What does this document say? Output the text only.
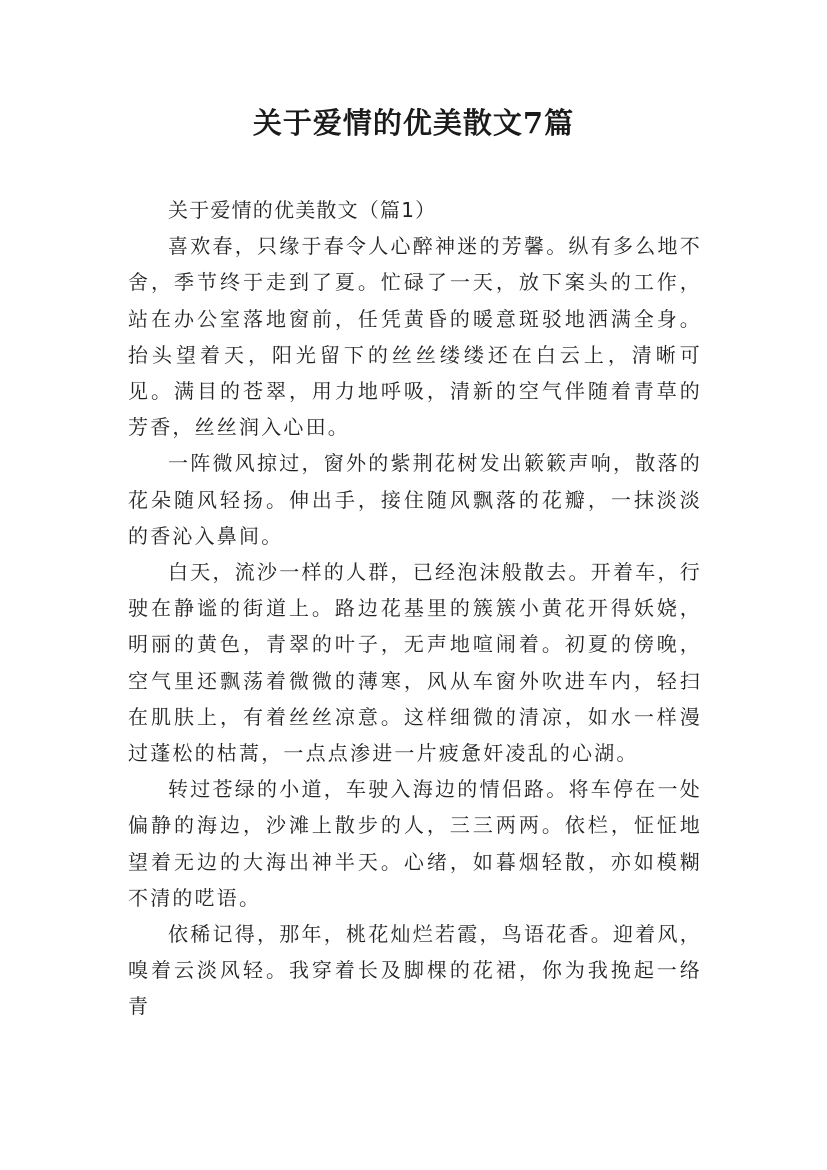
关于爱情的优美散文7篇

关于爱情的优美散文（篇1）

喜欢春，只缘于春令人心醉神迷的芳馨。纵有多么地不舍，季节终于走到了夏。忙碌了一天，放下案头的工作，站在办公室落地窗前，任凭黄昏的暖意斑驳地洒满全身。抬头望着天，阳光留下的丝丝缕缕还在白云上，清晰可见。满目的苍翠，用力地呼吸，清新的空气伴随着青草的芳香，丝丝润入心田。

一阵微风掠过，窗外的紫荆花树发出簌簌声响，散落的花朵随风轻扬。伸出手，接住随风飘落的花瓣，一抹淡淡的香沁入鼻间。

白天，流沙一样的人群，已经泡沫般散去。开着车，行驶在静谧的街道上。路边花基里的簇簇小黄花开得妖娆，明丽的黄色，青翠的叶子，无声地喧闹着。初夏的傍晚，空气里还飘荡着微微的薄寒，风从车窗外吹进车内，轻扫在肌肤上，有着丝丝凉意。这样细微的清凉，如水一样漫过蓬松的枯蒿，一点点渗进一片疲惫奸凌乱的心湖。

转过苍绿的小道，车驶入海边的情侣路。将车停在一处偏静的海边，沙滩上散步的人，三三两两。依栏，怔怔地望着无边的大海出神半天。心绪，如暮烟轻散，亦如模糊不清的呓语。

依稀记得，那年，桃花灿烂若霞，鸟语花香。迎着风，嗅着云淡风轻。我穿着长及脚棵的花裙，你为我挽起一络青
